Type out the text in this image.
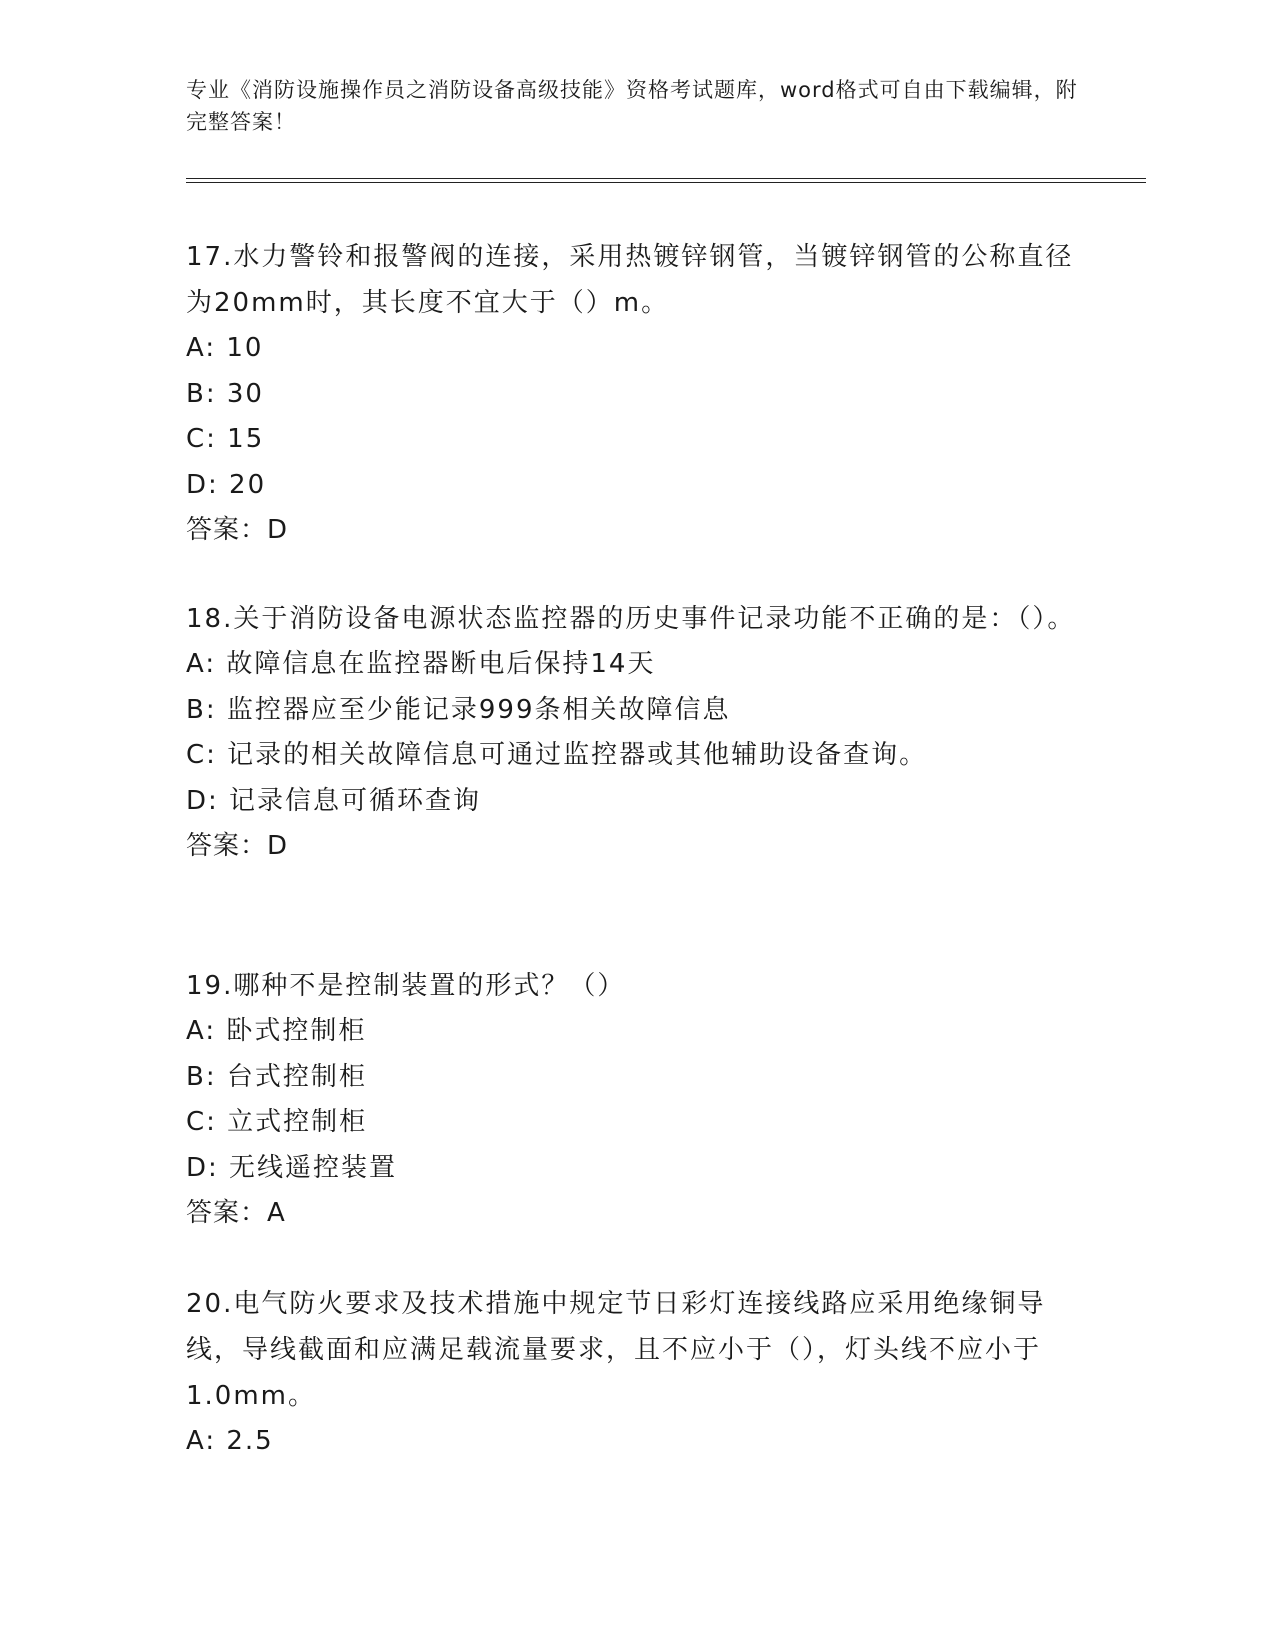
专业《消防设施操作员之消防设备高级技能》资格考试题库，word格式可自由下载编辑，附完整答案！

17.水力警铃和报警阀的连接，采用热镀锌钢管，当镀锌钢管的公称直径为20mm时，其长度不宜大于（）m。

A: 10

B: 30

C: 15

D: 20

答案：D

18.关于消防设备电源状态监控器的历史事件记录功能不正确的是：（）。

A: 故障信息在监控器断电后保持14天

B: 监控器应至少能记录999条相关故障信息

C: 记录的相关故障信息可通过监控器或其他辅助设备查询。

D: 记录信息可循环查询

答案：D

19.哪种不是控制装置的形式？（）

A: 卧式控制柜

B: 台式控制柜

C: 立式控制柜

D: 无线遥控装置

答案：A

20.电气防火要求及技术措施中规定节日彩灯连接线路应采用绝缘铜导线，导线截面和应满足载流量要求，且不应小于（），灯头线不应小于1.0mm。

A: 2.5
